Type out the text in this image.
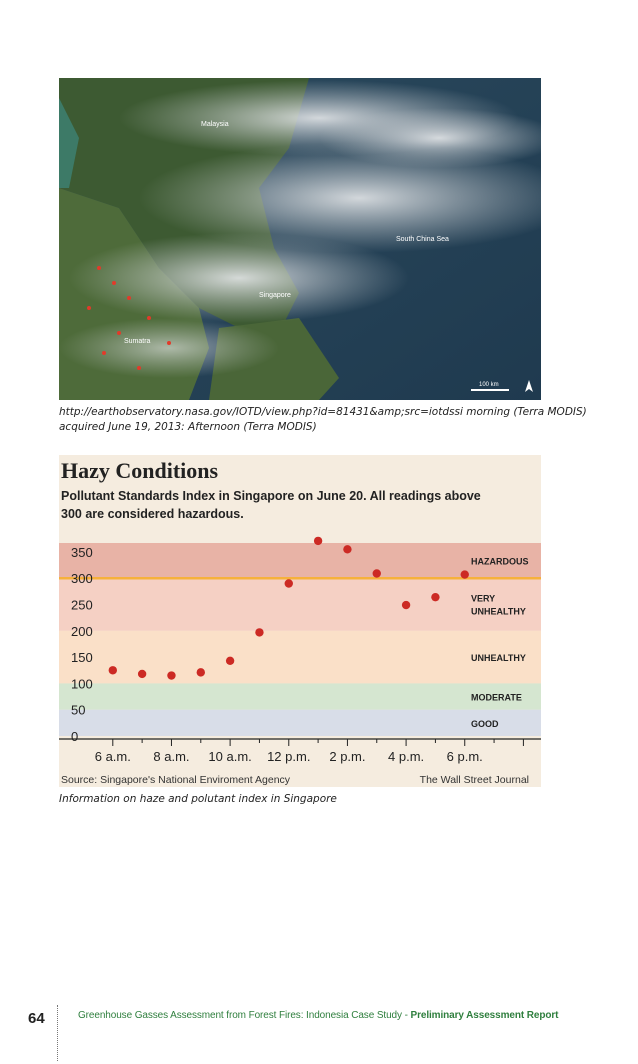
Malaysia
South China Sea
Singapore
Sumatra
100 km
http://earthobservatory.nasa.gov/IOTD/view.php?id=81431&amp;src=iotdssi morning (Terra MODIS)
acquired June 19, 2013: Afternoon (Terra MODIS)
Hazy Conditions
Pollutant Standards Index in Singapore on June 20. All readings above
300 are considered hazardous.
HAZARDOUS
VERY
UNHEALTHY
UNHEALTHY
MODERATE
GOOD
350
300
250
200
150
100
50
0
6 a.m. 8 a.m. 10 a.m. 12 p.m. 2 p.m. 4 p.m. 6 p.m.
Source: Singapore's National Enviroment Agency	The Wall Street Journal
Information on haze and polutant index in Singapore
64	Greenhouse Gasses Assessment from Forest Fires: Indonesia Case Study - Preliminary Assessment Report
